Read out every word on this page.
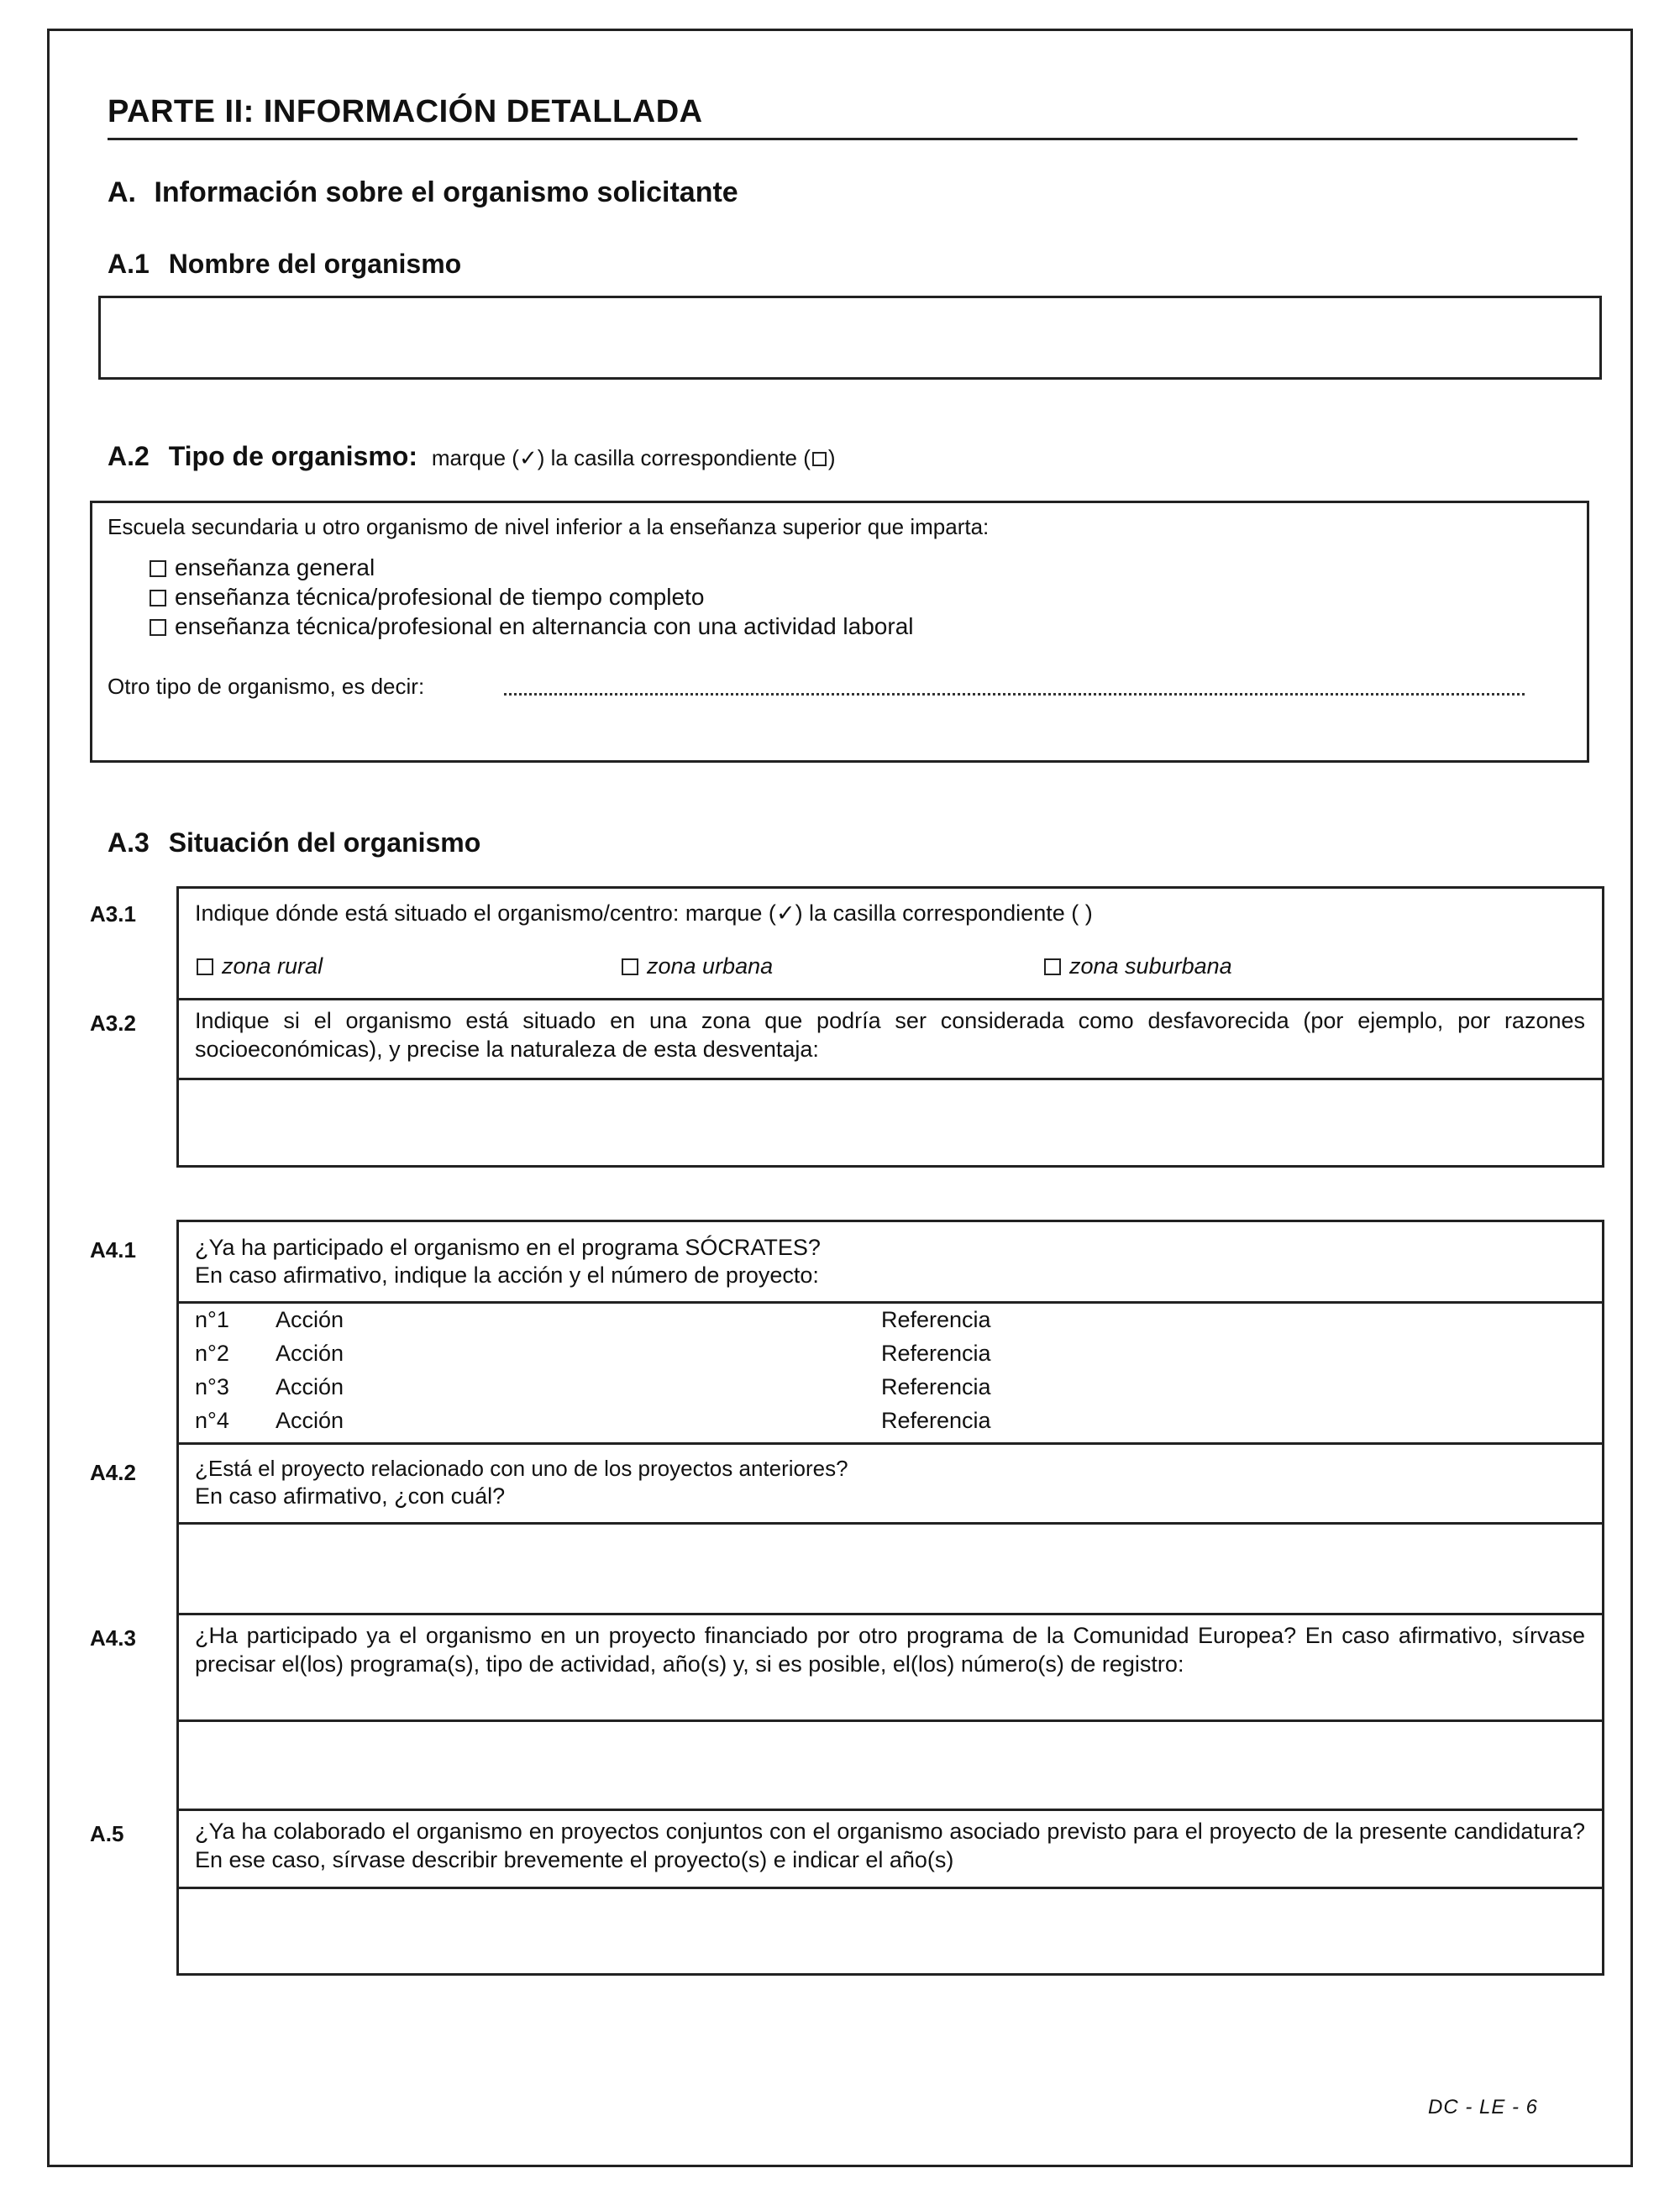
PARTE II: INFORMACIÓN DETALLADA
A. Información sobre el organismo solicitante
A.1 Nombre del organismo
A.2 Tipo de organismo: marque (✓) la casilla correspondiente ( )
Escuela secundaria u otro organismo de nivel inferior a la enseñanza superior que imparta:
enseñanza general
enseñanza técnica/profesional de tiempo completo
enseñanza técnica/profesional en alternancia con una actividad laboral
Otro tipo de organismo, es decir:
A.3 Situación del organismo
A3.1	Indique dónde está situado el organismo/centro: marque (✓) la casilla correspondiente ( )
zona rural	zona urbana	zona suburbana
A3.2	Indique si el organismo está situado en una zona que podría ser considerada como desfavorecida (por ejemplo, por razones socioeconómicas), y precise la naturaleza de esta desventaja:
A4.1	¿Ya ha participado el organismo en el programa SÓCRATES?
En caso afirmativo, indique la acción y el número de proyecto:
n°1 Acción	Referencia
n°2 Acción	Referencia
n°3 Acción	Referencia
n°4 Acción	Referencia
A4.2	¿Está el proyecto relacionado con uno de los proyectos anteriores?
En caso afirmativo, ¿con cuál?
A4.3	¿Ha participado ya el organismo en un proyecto financiado por otro programa de la Comunidad Europea? En caso afirmativo, sírvase precisar el(los) programa(s), tipo de actividad, año(s) y, si es posible, el(los) número(s) de registro:
A.5	¿Ya ha colaborado el organismo en proyectos conjuntos con el organismo asociado previsto para el proyecto de la presente candidatura? En ese caso, sírvase describir brevemente el proyecto(s) e indicar el año(s)
DC - LE - 6
